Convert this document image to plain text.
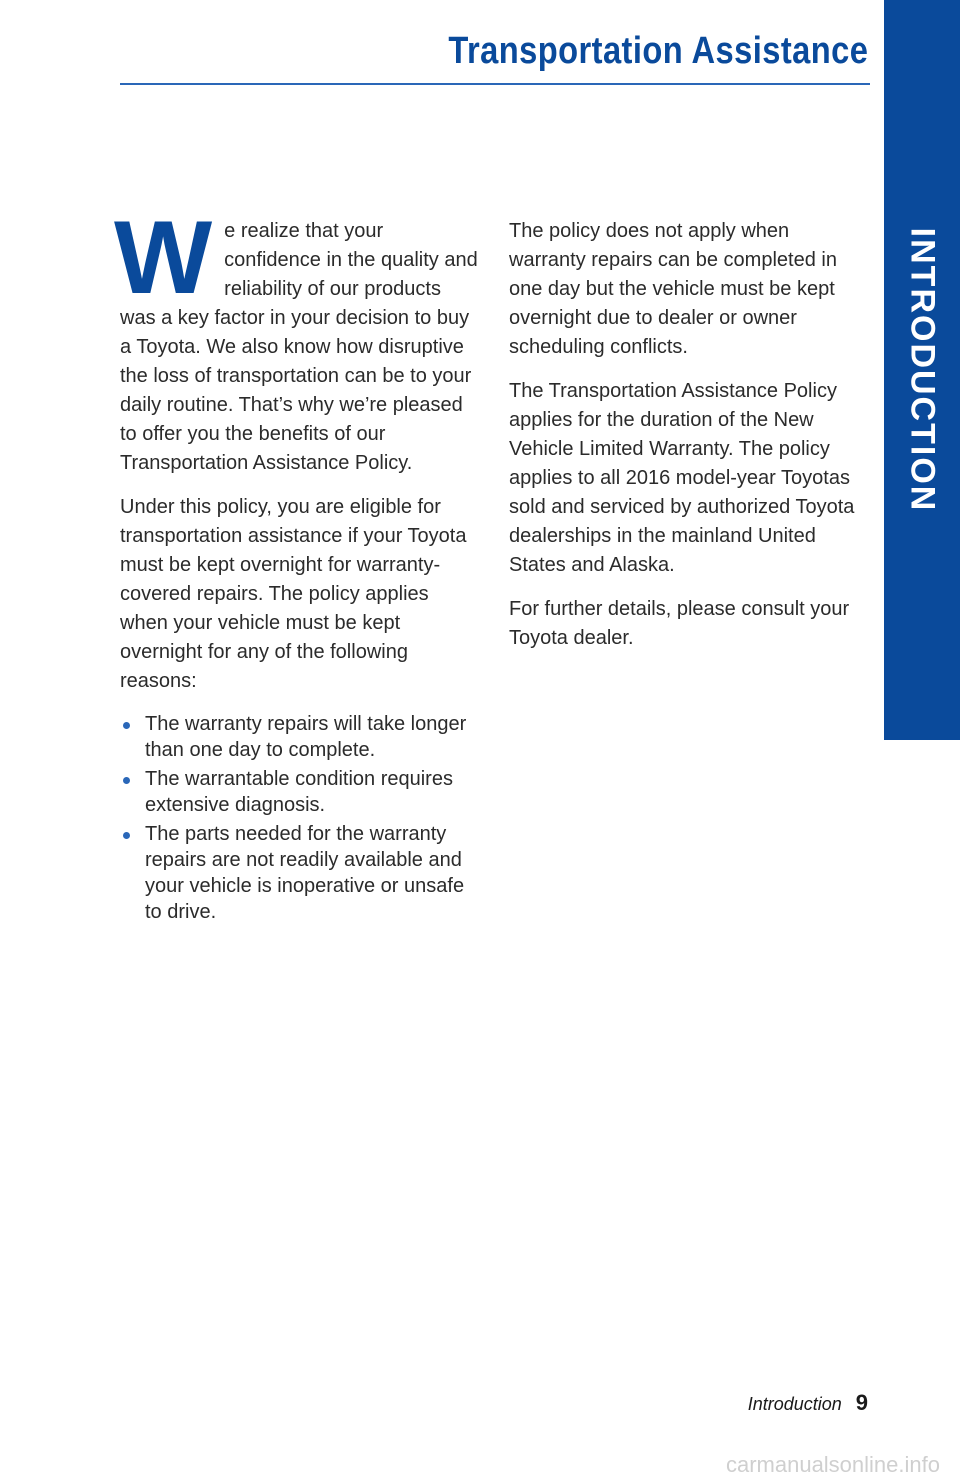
Transportation Assistance
INTRODUCTION

We realize that your confidence in the quality and reliability of our products was a key factor in your decision to buy a Toyota. We also know how disruptive the loss of transportation can be to your daily routine. That’s why we’re pleased to offer you the benefits of our Transportation Assistance Policy.

Under this policy, you are eligible for transportation assistance if your Toyota must be kept overnight for warranty-covered repairs. The policy applies when your vehicle must be kept overnight for any of the following reasons:

The warranty repairs will take longer than one day to complete.
The warrantable condition requires extensive diagnosis.
The parts needed for the warranty repairs are not readily available and your vehicle is inoperative or unsafe to drive.

The policy does not apply when warranty repairs can be completed in one day but the vehicle must be kept overnight due to dealer or owner scheduling conflicts.

The Transportation Assistance Policy applies for the duration of the New Vehicle Limited Warranty. The policy applies to all 2016 model-year Toyotas sold and serviced by authorized Toyota dealerships in the mainland United States and Alaska.

For further details, please consult your Toyota dealer.

Introduction 9
carmanualsonline.info
